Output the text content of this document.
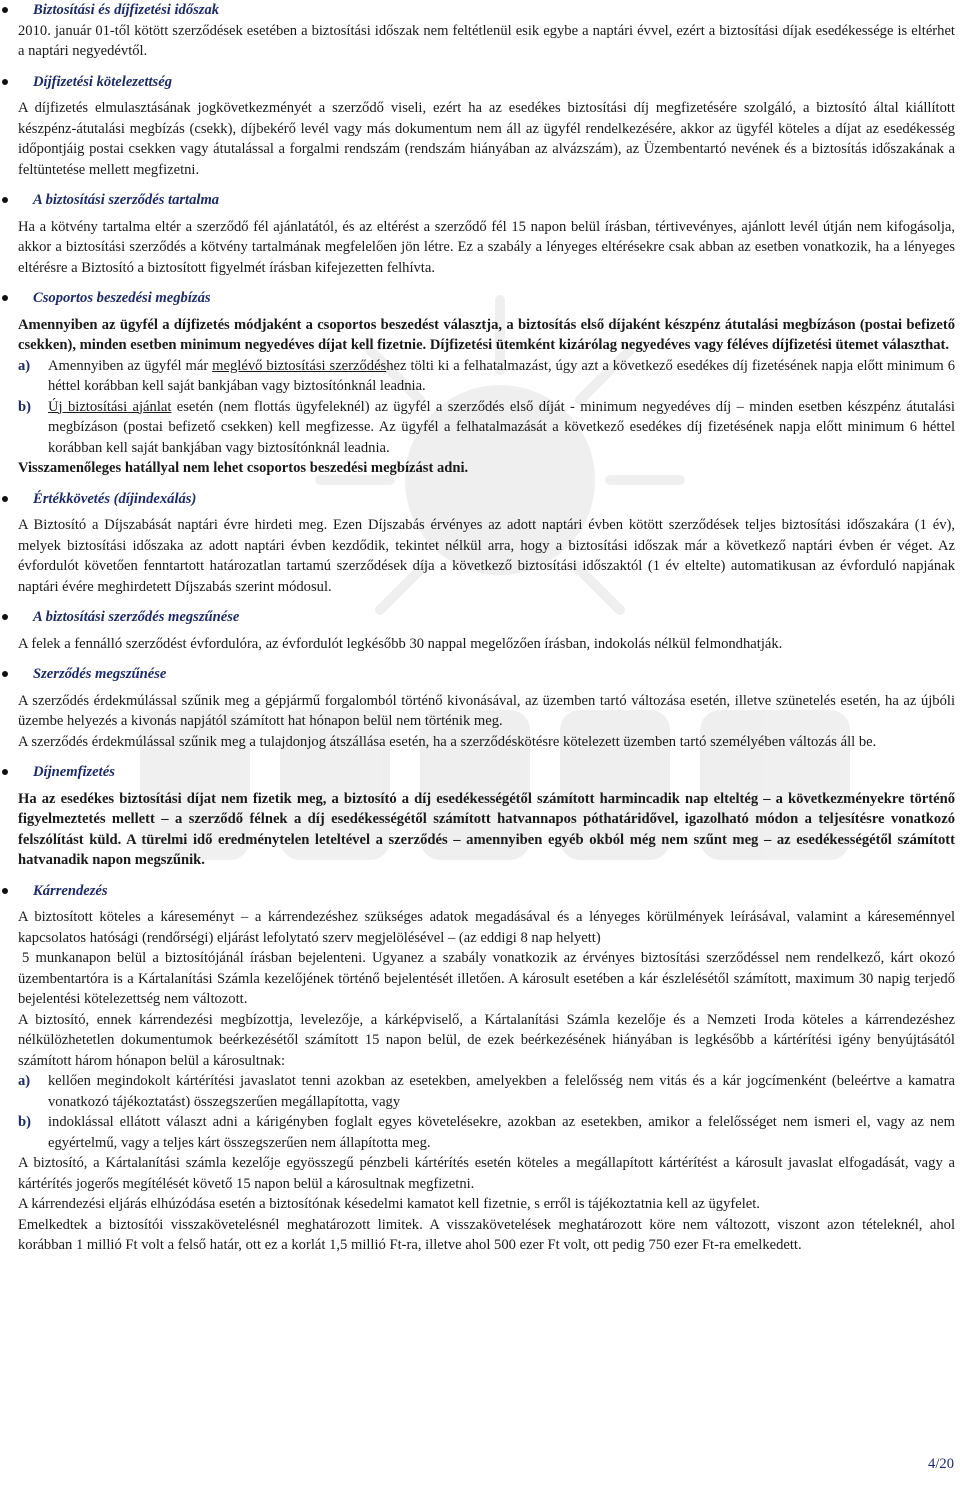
Biztosítási és díjfizetési időszak

2010. január 01-től kötött szerződések esetében a biztosítási időszak nem feltétlenül esik egybe a naptári évvel, ezért a biztosítási díjak esedékessége is eltérhet a naptári negyedévtől.

Díjfizetési kötelezettség

A díjfizetés elmulasztásának jogkövetkezményét a szerződő viseli, ezért ha az esedékes biztosítási díj megfizetésére szolgáló, a biztosító által kiállított készpénz-átutalási megbízás (csekk), díjbekérő levél vagy más dokumentum nem áll az ügyfél rendelkezésére, akkor az ügyfél köteles a díjat az esedékesség időpontjáig postai csekken vagy átutalással a forgalmi rendszám (rendszám hiányában az alvázszám), az Üzembentartó nevének és a biztosítás időszakának a feltüntetése mellett megfizetni.

A biztosítási szerződés tartalma

Ha a kötvény tartalma eltér a szerződő fél ajánlatától, és az eltérést a szerződő fél 15 napon belül írásban, tértivevényes, ajánlott levél útján nem kifogásolja, akkor a biztosítási szerződés a kötvény tartalmának megfelelően jön létre. Ez a szabály a lényeges eltérésekre csak abban az esetben vonatkozik, ha a lényeges eltérésre a Biztosító a biztosított figyelmét írásban kifejezetten felhívta.

Csoportos beszedési megbízás

Amennyiben az ügyfél a díjfizetés módjaként a csoportos beszedést választja, a biztosítás első díjaként készpénz átutalási megbízáson (postai befizető csekken), minden esetben minimum negyedéves díjat kell fizetnie. Díjfizetési ütemként kizárólag negyedéves vagy féléves díjfizetési ütemet választhat.

a) Amennyiben az ügyfél már meglévő biztosítási szerződéshez tölti ki a felhatalmazást, úgy azt a következő esedékes díj fizetésének napja előtt minimum 6 héttel korábban kell saját bankjában vagy biztosítónknál leadnia.
b) Új biztosítási ajánlat esetén (nem flottás ügyfeleknél) az ügyfél a szerződés első díját - minimum negyedéves díj – minden esetben készpénz átutalási megbízáson (postai befizető csekken) kell megfizesse. Az ügyfél a felhatalmazását a következő esedékes díj fizetésének napja előtt minimum 6 héttel korábban kell saját bankjában vagy biztosítónknál leadnia.

Visszamenőleges hatállyal nem lehet csoportos beszedési megbízást adni.

Értékkövetés (díjindexálás)

A Biztosító a Díjszabását naptári évre hirdeti meg. Ezen Díjszabás érvényes az adott naptári évben kötött szerződések teljes biztosítási időszakára (1 év), melyek biztosítási időszaka az adott naptári évben kezdődik, tekintet nélkül arra, hogy a biztosítási időszak már a következő naptári évben ér véget. Az évfordulót követően fenntartott határozatlan tartamú szerződések díja a következő biztosítási időszaktól (1 év eltelte) automatikusan az évforduló napjának naptári évére meghirdetett Díjszabás szerint módosul.

A biztosítási szerződés megszűnése

A felek a fennálló szerződést évfordulóra, az évfordulót legkésőbb 30 nappal megelőzően írásban, indokolás nélkül felmondhatják.

Szerződés megszűnése

A szerződés érdekmúlással szűnik meg a gépjármű forgalomból történő kivonásával, az üzemben tartó változása esetén, illetve szünetelés esetén, ha az újbóli üzembe helyezés a kivonás napjától számított hat hónapon belül nem történik meg.

A szerződés érdekmúlással szűnik meg a tulajdonjog átszállása esetén, ha a szerződéskötésre kötelezett üzemben tartó személyében változás áll be.

Díjnemfizetés

Ha az esedékes biztosítási díjat nem fizetik meg, a biztosító a díj esedékességétől számított harmincadik nap elteltég – a következményekre történő figyelmeztetés mellett – a szerződő félnek a díj esedékességétől számított hatvannapos póthatáridővel, igazolható módon a teljesítésre vonatkozó felszólítást küld. A türelmi idő eredménytelen leteltével a szerződés – amennyiben egyéb okból még nem szűnt meg – az esedékességétől számított hatvanadik napon megszűnik.

Kárrendezés

A biztosított köteles a káreseményt – a kárrendezéshez szükséges adatok megadásával és a lényeges körülmények leírásával, valamint a káreseménnyel kapcsolatos hatósági (rendőrségi) eljárást lefolytató szerv megjelölésével – (az eddigi 8 nap helyett)

5 munkanapon belül a biztosítójánál írásban bejelenteni. Ugyanez a szabály vonatkozik az érvényes biztosítási szerződéssel nem rendelkező, kárt okozó üzembentartóra is a Kártalanítási Számla kezelőjének történő bejelentését illetően. A károsult esetében a kár észlelésétől számított, maximum 30 napig terjedő bejelentési kötelezettség nem változott.

A biztosító, ennek kárrendezési megbízottja, levelezője, a kárképviselő, a Kártalanítási Számla kezelője és a Nemzeti Iroda köteles a kárrendezéshez nélkülözhetetlen dokumentumok beérkezésétől számított 15 napon belül, de ezek beérkezésének hiányában is legkésőbb a kártérítési igény benyújtásától számított három hónapon belül a károsultnak:

a) kellően megindokolt kártérítési javaslatot tenni azokban az esetekben, amelyekben a felelősség nem vitás és a kár jogcímenként (beleértve a kamatra vonatkozó tájékoztatást) összegszerűen megállapította, vagy
b) indoklással ellátott választ adni a kárigényben foglalt egyes követelésekre, azokban az esetekben, amikor a felelősséget nem ismeri el, vagy az nem egyértelmű, vagy a teljes kárt összegszerűen nem állapította meg.

A biztosító, a Kártalanítási számla kezelője egyösszegű pénzbeli kártérítés esetén köteles a megállapított kártérítést a károsult javaslat elfogadását, vagy a kártérítés jogerős megítélését követő 15 napon belül a károsultnak megfizetni.

A kárrendezési eljárás elhúzódása esetén a biztosítónak késedelmi kamatot kell fizetnie, s erről is tájékoztatnia kell az ügyfelet.

Emelkedtek a biztosítói visszakövetelésnél meghatározott limitek. A visszakövetelések meghatározott köre nem változott, viszont azon tételeknél, ahol korábban 1 millió Ft volt a felső határ, ott ez a korlát 1,5 millió Ft-ra, illetve ahol 500 ezer Ft volt, ott pedig 750 ezer Ft-ra emelkedett.

4/20
